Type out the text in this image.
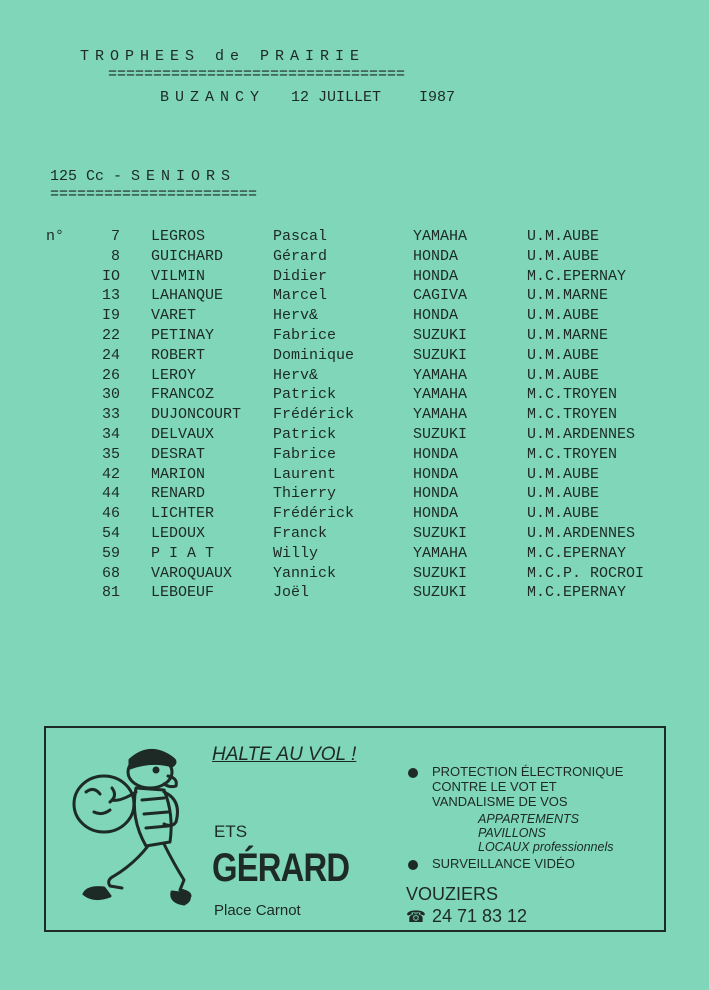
TROPHEES de PRAIRIE
=================================
BUZANCY 12 JUILLET	I987
125 Cc - SENIORS
=======================
n°	7 LEGROS	Pascal	YAMAHA	U.M.AUBE
8 GUICHARD	Gérard	HONDA	U.M.AUBE
IO VILMIN	Didier	HONDA	M.C.EPERNAY
13 LAHANQUE	Marcel	CAGIVA	U.M.MARNE
I9 VARET	Herv&	HONDA	U.M.AUBE
22 PETINAY	Fabrice	SUZUKI	U.M.MARNE
24 ROBERT	Dominique	SUZUKI	U.M.AUBE
26 LEROY	Herv&	YAMAHA	U.M.AUBE
30 FRANCOZ	Patrick	YAMAHA	M.C.TROYEN
33 DUJONCOURT Frédérick	YAMAHA	M.C.TROYEN
34 DELVAUX	Patrick	SUZUKI	U.M.ARDENNES
35 DESRAT	Fabrice	HONDA	M.C.TROYEN
42 MARION	Laurent	HONDA	U.M.AUBE
44 RENARD	Thierry	HONDA	U.M.AUBE
46 LICHTER	Frédérick	HONDA	U.M.AUBE
54 LEDOUX	Franck	SUZUKI	U.M.ARDENNES
59 P I A T	Willy	YAMAHA	M.C.EPERNAY
68 VAROQUAUX	Yannick	SUZUKI	M.C.P. ROCROI
81 LEBOEUF	Joël	SUZUKI	M.C.EPERNAY
HALTE AU VOL !
ETS
GÉRARD
Place Carnot
PROTECTION ÉLECTRONIQUE
CONTRE LE VOT ET
VANDALISME DE VOS
APPARTEMENTS
PAVILLONS
LOCAUX professionnels
SURVEILLANCE VIDÉO
VOUZIERS
☎ 24 71 83 12
